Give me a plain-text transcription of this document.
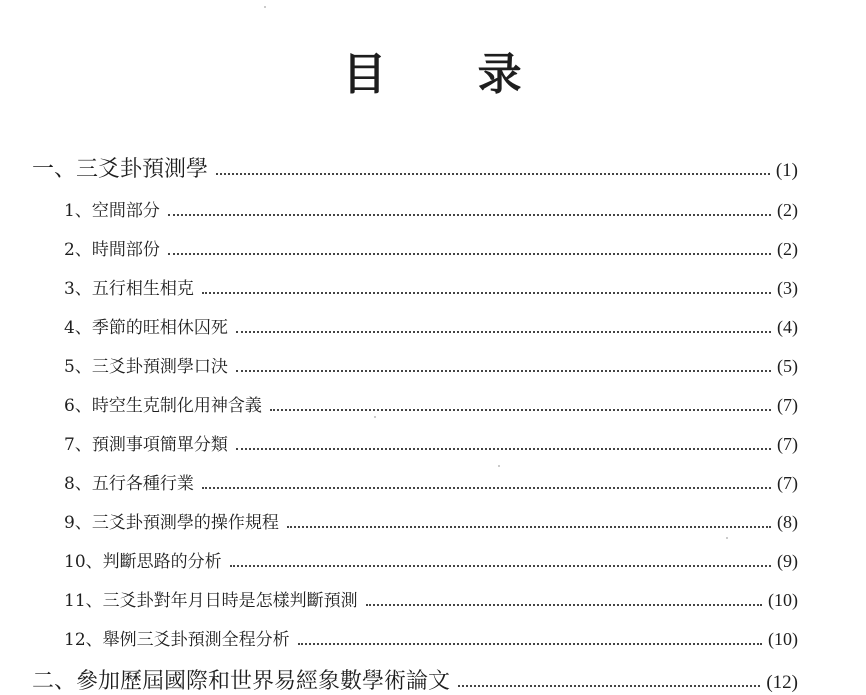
目 录
一、三爻卦預測學	(1)
1、空間部分	(2)
2、時間部份	(2)
3、五行相生相克	(3)
4、季節的旺相休囚死	(4)
5、三爻卦預測學口決	(5)
6、時空生克制化用神含義	(7)
7、預測事項簡單分類	(7)
8、五行各種行業	(7)
9、三爻卦預測學的操作規程	(8)
10、判斷思路的分析	(9)
11、三爻卦對年月日時是怎樣判斷預測	(10)
12、舉例三爻卦預測全程分析	(10)
二、參加歷屆國際和世界易經象數學術論文	(12)
